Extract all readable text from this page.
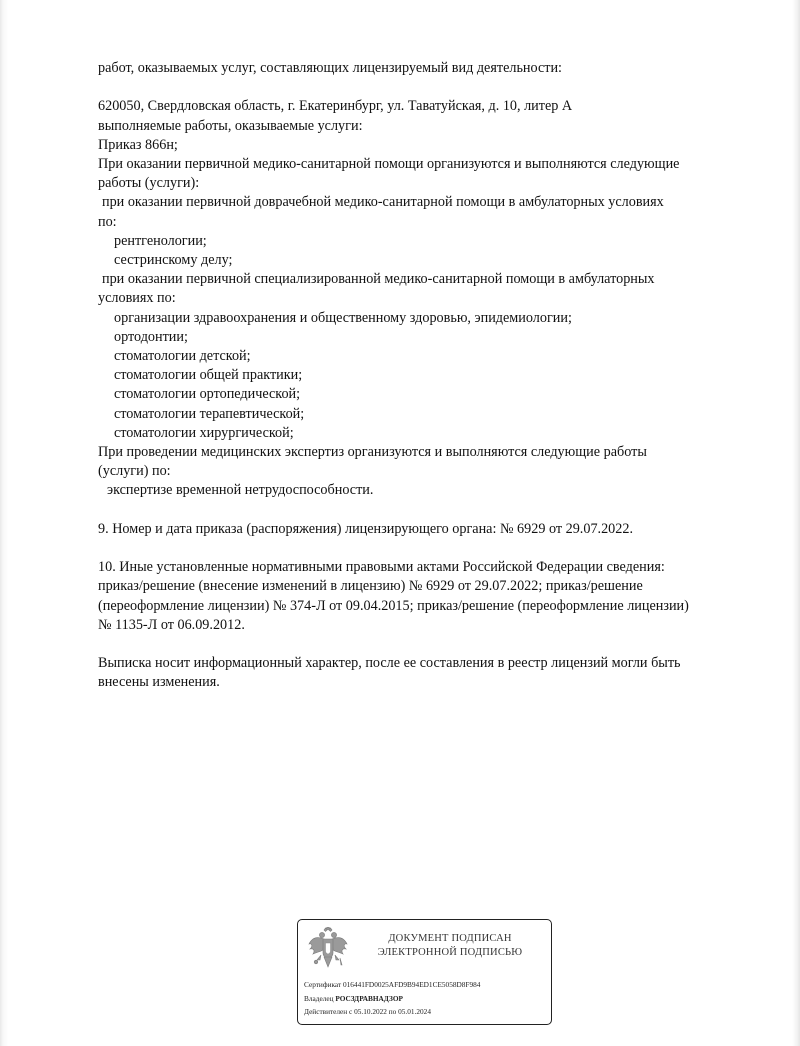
работ, оказываемых услуг, составляющих лицензируемый вид деятельности:
620050, Свердловская область, г. Екатеринбург, ул. Таватуйская, д. 10, литер А
выполняемые работы, оказываемые услуги:
Приказ 866н;
При оказании первичной медико-санитарной помощи организуются и выполняются следующие
работы (услуги):
при оказании первичной доврачебной медико-санитарной помощи в амбулаторных условиях
по:
рентгенологии;
сестринскому делу;
при оказании первичной специализированной медико-санитарной помощи в амбулаторных
условиях по:
организации здравоохранения и общественному здоровью, эпидемиологии;
ортодонтии;
стоматологии детской;
стоматологии общей практики;
стоматологии ортопедической;
стоматологии терапевтической;
стоматологии хирургической;
При проведении медицинских экспертиз организуются и выполняются следующие работы
(услуги) по:
экспертизе временной нетрудоспособности.
9. Номер и дата приказа (распоряжения) лицензирующего органа: № 6929 от 29.07.2022.
10. Иные установленные нормативными правовыми актами Российской Федерации сведения:
приказ/решение (внесение изменений в лицензию) № 6929 от 29.07.2022; приказ/решение
(переоформление лицензии) № 374-Л от 09.04.2015; приказ/решение (переоформление лицензии)
№ 1135-Л от 06.09.2012.
Выписка носит информационный характер, после ее составления в реестр лицензий могли быть
внесены изменения.
ДОКУМЕНТ ПОДПИСАН
ЭЛЕКТРОННОЙ ПОДПИСЬЮ
Сертификат 016441FD0025AFD9B94ED1CE5058D8F984
Владелец РОСЗДРАВНАДЗОР
Действителен с 05.10.2022 по 05.01.2024
